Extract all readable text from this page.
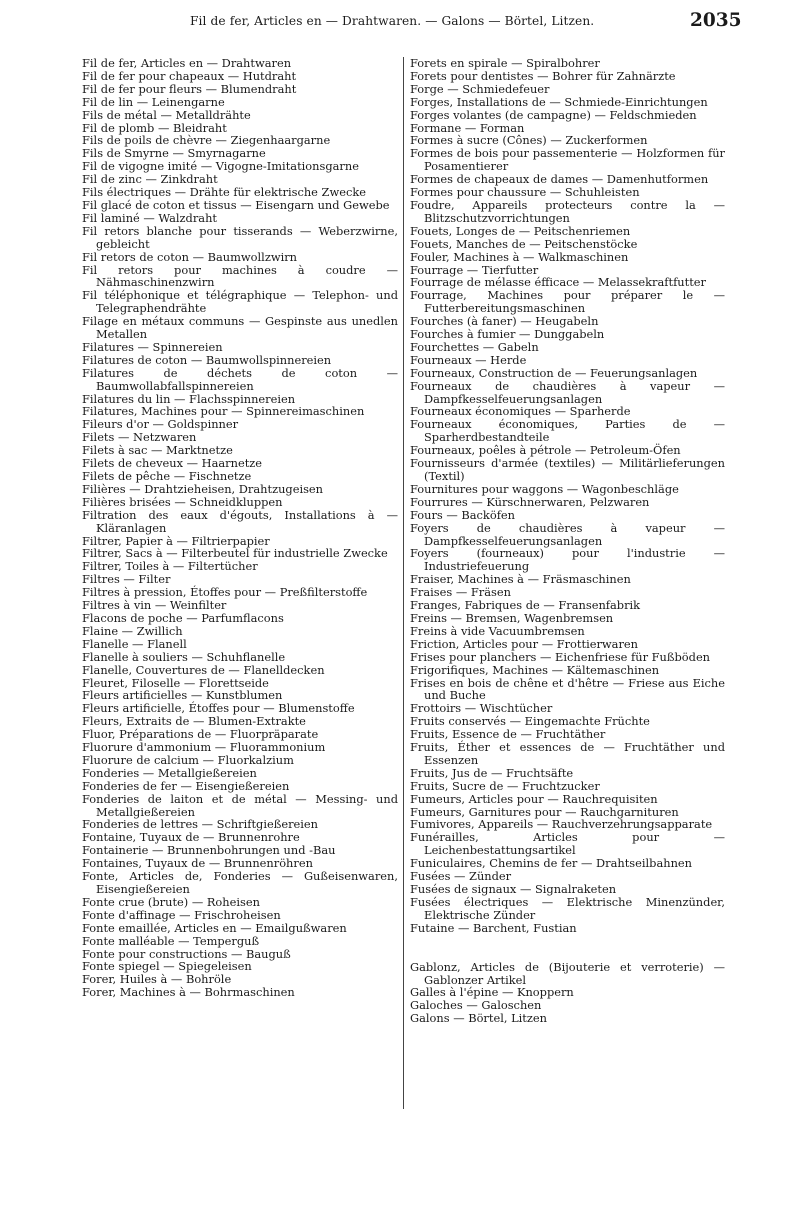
Fil de fer, Articles en — Drahtwaren. — Galons — Börtel, Litzen.	2035

Fil de fer, Articles en — Drahtwaren

Fil de fer pour chapeaux — Hutdraht

Fil de fer pour fleurs — Blumendraht

Fil de lin — Leinengarne

Fils de métal — Metalldrähte

Fil de plomb — Bleidraht

Fils de poils de chèvre — Ziegenhaargarne

Fils de Smyrne — Smyrnagarne

Fil de vigogne imité — Vigogne-Imitationsgarne

Fil de zinc — Zinkdraht

Fils électriques — Drähte für elektrische Zwecke

Fil glacé de coton et tissus — Eisengarn und Gewebe

Fil laminé — Walzdraht

Fil retors blanche pour tisserands — Weberzwirne, gebleicht

Fil retors de coton — Baumwollzwirn

Fil retors pour machines à coudre — Nähmaschinenzwirn

Fil téléphonique et télégraphique — Telephon- und Telegraphendrähte

Filage en métaux communs — Gespinste aus unedlen Metallen

Filatures — Spinnereien

Filatures de coton — Baumwollspinnereien

Filatures de déchets de coton — Baumwollabfallspinnereien

Filatures du lin — Flachsspinnereien

Filatures, Machines pour — Spinnereimaschinen

Fileurs d'or — Goldspinner

Filets — Netzwaren

Filets à sac — Marktnetze

Filets de cheveux — Haarnetze

Filets de pêche — Fischnetze

Filières — Drahtzieheisen, Drahtzugeisen

Filières brisées — Schneidkluppen

Filtration des eaux d'égouts, Installations à — Kläranlagen

Filtrer, Papier à — Filtrierpapier

Filtrer, Sacs à — Filterbeutel für industrielle Zwecke

Filtrer, Toiles à — Filtertücher

Filtres — Filter

Filtres à pression, Étoffes pour — Preßfilterstoffe

Filtres à vin — Weinfilter

Flacons de poche — Parfumflacons

Flaine — Zwillich

Flanelle — Flanell

Flanelle à souliers — Schuhflanelle

Flanelle, Couvertures de — Flanelldecken

Fleuret, Filoselle — Florettseide

Fleurs artificielles — Kunstblumen

Fleurs artificielle, Étoffes pour — Blumenstoffe

Fleurs, Extraits de — Blumen-Extrakte

Fluor, Préparations de — Fluorpräparate

Fluorure d'ammonium — Fluorammonium

Fluorure de calcium — Fluorkalzium

Fonderies — Metallgießereien

Fonderies de fer — Eisengießereien

Fonderies de laiton et de métal — Messing- und Metallgießereien

Fonderies de lettres — Schriftgießereien

Fontaine, Tuyaux de — Brunnenrohre

Fontainerie — Brunnenbohrungen und -Bau

Fontaines, Tuyaux de — Brunnenröhren

Fonte, Articles de, Fonderies — Gußeisenwaren, Eisengießereien

Fonte crue (brute) — Roheisen

Fonte d'affinage — Frischroheisen

Fonte emaillée, Articles en — Emailgußwaren

Fonte malléable — Temperguß

Fonte pour constructions — Bauguß

Fonte spiegel — Spiegeleisen

Forer, Huiles à — Bohröle

Forer, Machines à — Bohrmaschinen

Forets en spirale — Spiralbohrer

Forets pour dentistes — Bohrer für Zahnärzte

Forge — Schmiedefeuer

Forges, Installations de — Schmiede-Einrichtungen

Forges volantes (de campagne) — Feldschmieden

Formane — Forman

Formes à sucre (Cônes) — Zuckerformen

Formes de bois pour passementerie — Holzformen für Posamentierer

Formes de chapeaux de dames — Damenhutformen

Formes pour chaussure — Schuhleisten

Foudre, Appareils protecteurs contre la — Blitzschutzvorrichtungen

Fouets, Longes de — Peitschenriemen

Fouets, Manches de — Peitschenstöcke

Fouler, Machines à — Walkmaschinen

Fourrage — Tierfutter

Fourrage de mélasse éfficace — Melassekraftfutter

Fourrage, Machines pour préparer le — Futterbereitungsmaschinen

Fourches (à faner) — Heugabeln

Fourches à fumier — Dunggabeln

Fourchettes — Gabeln

Fourneaux — Herde

Fourneaux, Construction de — Feuerungsanlagen

Fourneaux de chaudières à vapeur — Dampfkesselfeuerungsanlagen

Fourneaux économiques — Sparherde

Fourneaux économiques, Parties de — Sparherdbestandteile

Fourneaux, poêles à pétrole — Petroleum-Öfen

Fournisseurs d'armée (textiles) — Militärlieferungen (Textil)

Fournitures pour waggons — Wagonbeschläge

Fourrures — Kürschnerwaren, Pelzwaren

Fours — Backöfen

Foyers de chaudières à vapeur — Dampfkesselfeuerungsanlagen

Foyers (fourneaux) pour l'industrie — Industriefeuerung

Fraiser, Machines à — Fräsmaschinen

Fraises — Fräsen

Franges, Fabriques de — Fransenfabrik

Freins — Bremsen, Wagenbremsen

Freins à vide Vacuumbremsen

Friction, Articles pour — Frottierwaren

Frises pour planchers — Eichenfriese für Fußböden

Frigorifiques, Machines — Kältemaschinen

Frises en bois de chêne et d'hêtre — Friese aus Eiche und Buche

Frottoirs — Wischtücher

Fruits conservés — Eingemachte Früchte

Fruits, Essence de — Fruchtäther

Fruits, Éther et essences de — Fruchtäther und Essenzen

Fruits, Jus de — Fruchtsäfte

Fruits, Sucre de — Fruchtzucker

Fumeurs, Articles pour — Rauchrequisiten

Fumeurs, Garnitures pour — Rauchgarnituren

Fumivores, Appareils — Rauchverzehrungsapparate

Funérailles, Articles pour — Leichenbestattungsartikel

Funiculaires, Chemins de fer — Drahtseilbahnen

Fusées — Zünder

Fusées de signaux — Signalraketen

Fusées électriques — Elektrische Minenzünder, Elektrische Zünder

Futaine — Barchent, Fustian

Gablonz, Articles de (Bijouterie et verroterie) — Gablonzer Artikel

Galles à l'épine — Knoppern

Galoches — Galoschen

Galons — Börtel, Litzen
